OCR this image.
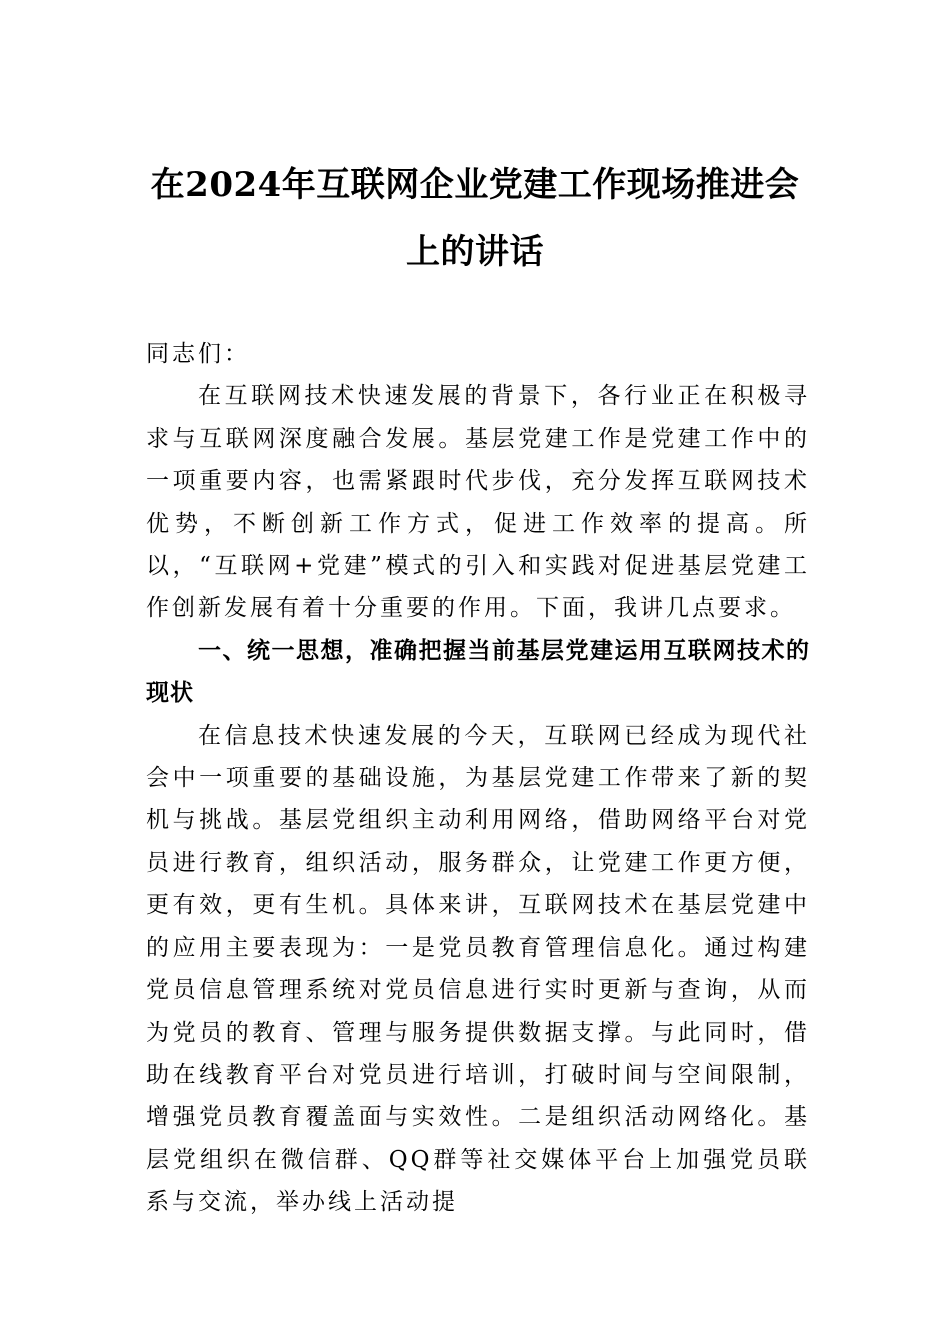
在2024年互联网企业党建工作现场推进会
上的讲话

同志们：

在互联网技术快速发展的背景下，各行业正在积极寻求与互联网深度融合发展。基层党建工作是党建工作中的一项重要内容，也需紧跟时代步伐，充分发挥互联网技术优势，不断创新工作方式，促进工作效率的提高。所以，“互联网+党建”模式的引入和实践对促进基层党建工作创新发展有着十分重要的作用。下面，我讲几点要求。

一、统一思想，准确把握当前基层党建运用互联网技术的现状

在信息技术快速发展的今天，互联网已经成为现代社会中一项重要的基础设施，为基层党建工作带来了新的契机与挑战。基层党组织主动利用网络，借助网络平台对党员进行教育，组织活动，服务群众，让党建工作更方便，更有效，更有生机。具体来讲，互联网技术在基层党建中的应用主要表现为：一是党员教育管理信息化。通过构建党员信息管理系统对党员信息进行实时更新与查询，从而为党员的教育、管理与服务提供数据支撑。与此同时，借助在线教育平台对党员进行培训，打破时间与空间限制，增强党员教育覆盖面与实效性。二是组织活动网络化。基层党组织在微信群、QQ群等社交媒体平台上加强党员联系与交流，举办线上活动提
